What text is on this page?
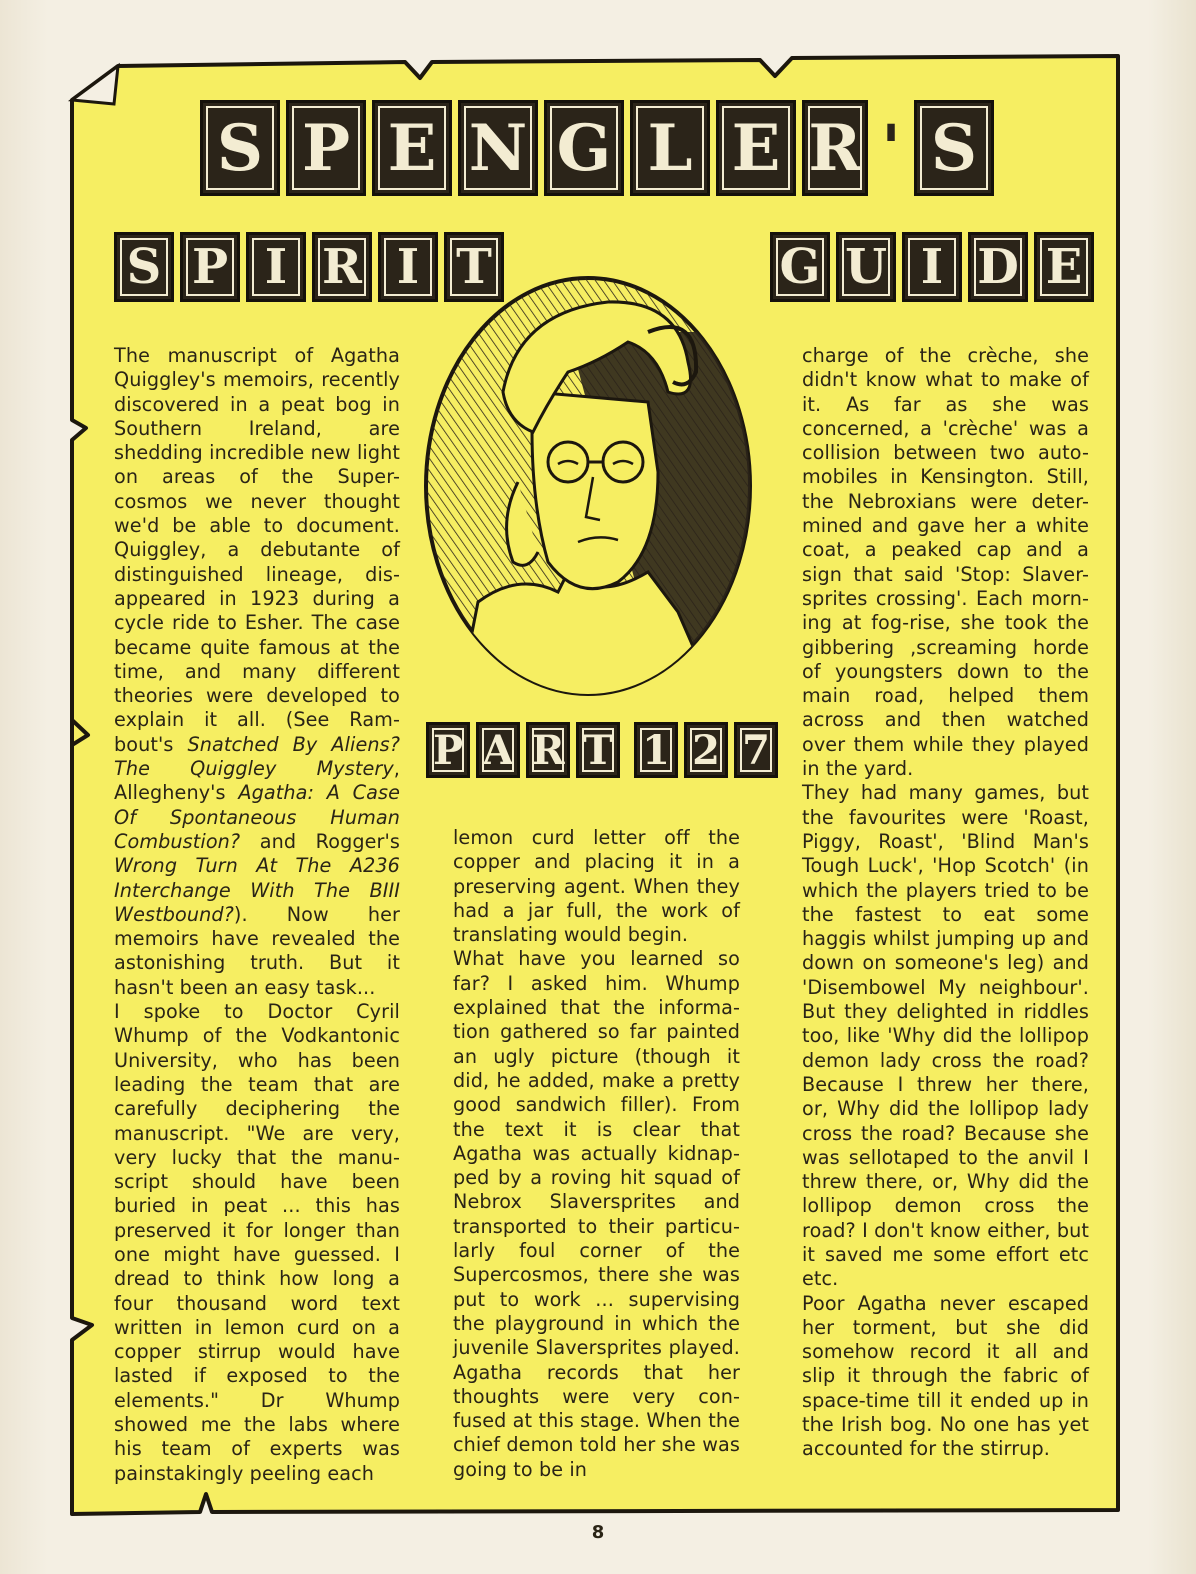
S P E N G L E R ' S
S P I R I T	G U I D E
P A R T 1 2 7

The manuscript of Agatha Quiggley's memoirs, recently discovered in a peat bog in Southern Ireland, are shedding incredible new light on areas of the Super-cosmos we never thought we'd be able to document. Quiggley, a debutante of distinguished lineage, dis-appeared in 1923 during a cycle ride to Esher. The case became quite famous at the time, and many different theories were developed to explain it all. (See Ram-bout's Snatched By Aliens? The Quiggley Mystery, Allegheny's Agatha: A Case Of Spontaneous Human Combustion? and Rogger's Wrong Turn At The A236 Interchange With The BIII Westbound?). Now her memoirs have revealed the astonishing truth. But it hasn't been an easy task...

I spoke to Doctor Cyril Whump of the Vodkantonic University, who has been leading the team that are carefully deciphering the manuscript. "We are very, very lucky that the manu-script should have been buried in peat ... this has preserved it for longer than one might have guessed. I dread to think how long a four thousand word text written in lemon curd on a copper stirrup would have lasted if exposed to the elements." Dr Whump showed me the labs where his team of experts was painstakingly peeling each

lemon curd letter off the copper and placing it in a preserving agent. When they had a jar full, the work of translating would begin.

What have you learned so far? I asked him. Whump explained that the informa-tion gathered so far painted an ugly picture (though it did, he added, make a pretty good sandwich filler). From the text it is clear that Agatha was actually kidnap-ped by a roving hit squad of Nebrox Slaversprites and transported to their particu-larly foul corner of the Supercosmos, there she was put to work ... supervising the playground in which the juvenile Slaversprites played. Agatha records that her thoughts were very con-fused at this stage. When the chief demon told her she was going to be in

charge of the crèche, she didn't know what to make of it. As far as she was concerned, a 'crèche' was a collision between two auto-mobiles in Kensington. Still, the Nebroxians were deter-mined and gave her a white coat, a peaked cap and a sign that said 'Stop: Slaver-sprites crossing'. Each morn-ing at fog-rise, she took the gibbering ,screaming horde of youngsters down to the main road, helped them across and then watched over them while they played in the yard.

They had many games, but the favourites were 'Roast, Piggy, Roast', 'Blind Man's Tough Luck', 'Hop Scotch' (in which the players tried to be the fastest to eat some haggis whilst jumping up and down on someone's leg) and 'Disembowel My neighbour'. But they delighted in riddles too, like 'Why did the lollipop demon lady cross the road? Because I threw her there, or, Why did the lollipop lady cross the road? Because she was sellotaped to the anvil I threw there, or, Why did the lollipop demon cross the road? I don't know either, but it saved me some effort etc etc.

Poor Agatha never escaped her torment, but she did somehow record it all and slip it through the fabric of space-time till it ended up in the Irish bog. No one has yet accounted for the stirrup.

8
